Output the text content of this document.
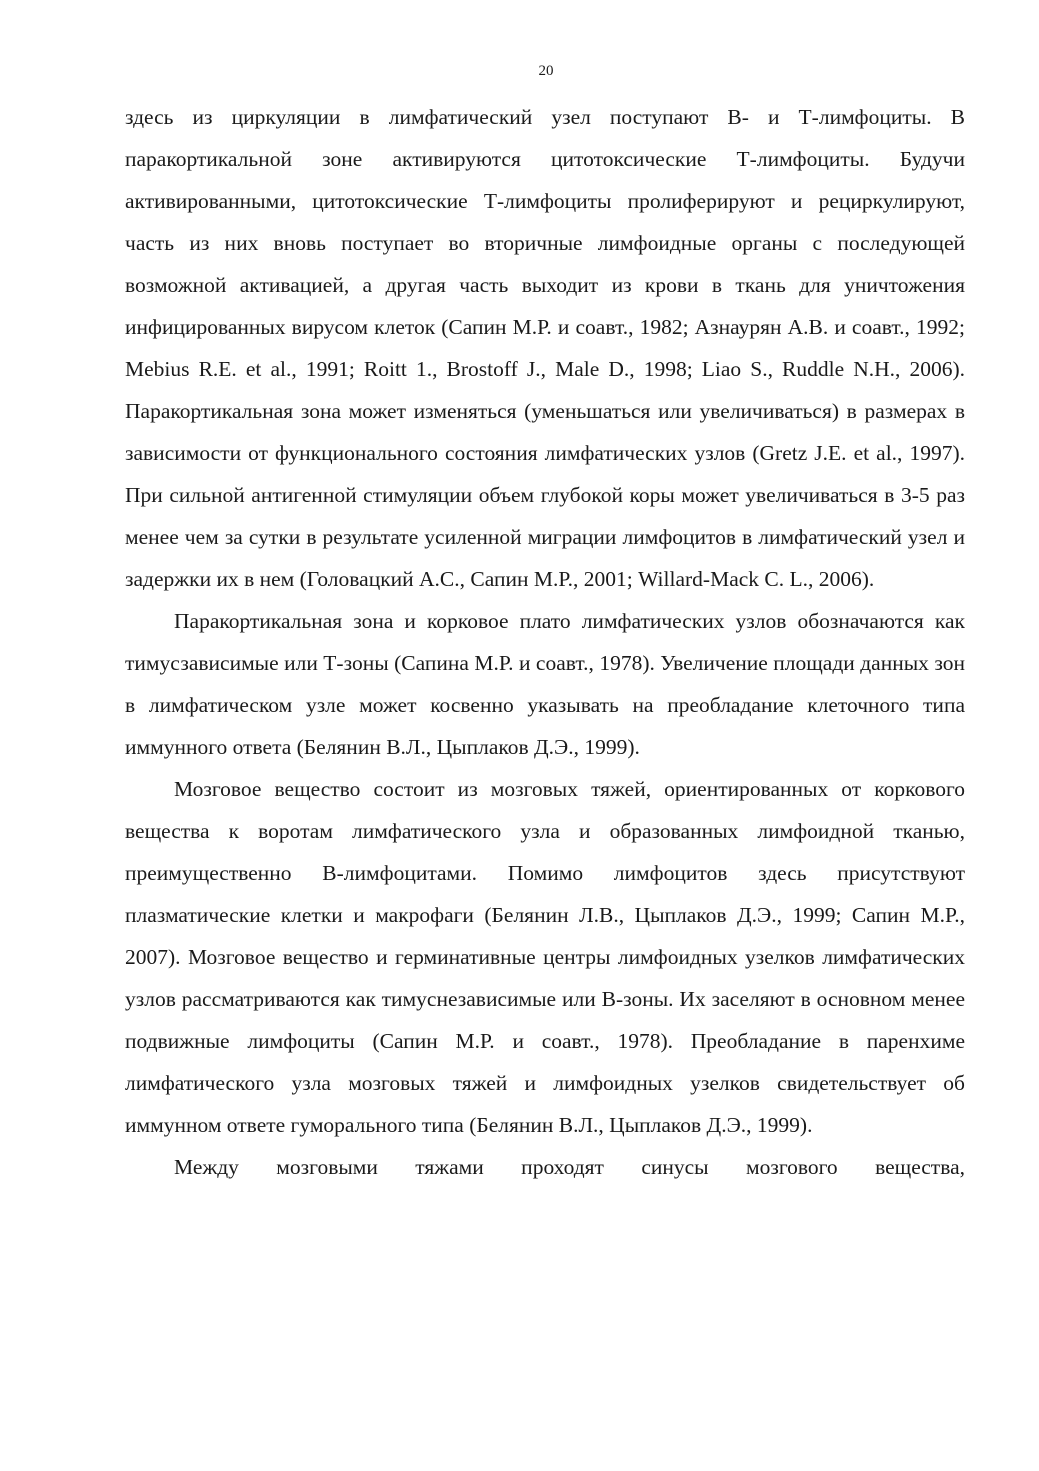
20

здесь из циркуляции в лимфатический узел поступают В- и Т-лимфоциты. В паракортикальной зоне активируются цитотоксические Т-лимфоциты. Будучи активированными, цитотоксические Т-лимфоциты пролиферируют и рециркулируют, часть из них вновь поступает во вторичные лимфоидные органы с последующей возможной активацией, а другая часть выходит из крови в ткань для уничтожения инфицированных вирусом клеток (Сапин М.Р. и соавт., 1982; Азнаурян А.В. и соавт., 1992; Mebius R.E. et al., 1991; Roitt 1., Brostoff J., Male D., 1998; Liao S., Ruddle N.H., 2006). Паракортикальная зона может изменяться (уменьшаться или увеличиваться) в размерах в зависимости от функционального состояния лимфатических узлов (Gretz J.E. et al., 1997). При сильной антигенной стимуляции объем глубокой коры может увеличиваться в 3-5 раз менее чем за сутки в результате усиленной миграции лимфоцитов в лимфатический узел и задержки их в нем (Головацкий А.С., Сапин М.Р., 2001; Willard-Mack C. L., 2006).

Паракортикальная зона и корковое плато лимфатических узлов обозначаются как тимусзависимые или Т-зоны (Сапина М.Р. и соавт., 1978). Увеличение площади данных зон в лимфатическом узле может косвенно указывать на преобладание клеточного типа иммунного ответа (Белянин В.Л., Цыплаков Д.Э., 1999).

Мозговое вещество состоит из мозговых тяжей, ориентированных от коркового вещества к воротам лимфатического узла и образованных лимфоидной тканью, преимущественно В-лимфоцитами. Помимо лимфоцитов здесь присутствуют плазматические клетки и макрофаги (Белянин Л.В., Цыплаков Д.Э., 1999; Сапин М.Р., 2007). Мозговое вещество и герминативные центры лимфоидных узелков лимфатических узлов рассматриваются как тимуснезависимые или В-зоны. Их заселяют в основном менее подвижные лимфоциты (Сапин М.Р. и соавт., 1978). Преобладание в паренхиме лимфатического узла мозговых тяжей и лимфоидных узелков свидетельствует об иммунном ответе гуморального типа (Белянин В.Л., Цыплаков Д.Э., 1999).

Между мозговыми тяжами проходят синусы мозгового вещества,
